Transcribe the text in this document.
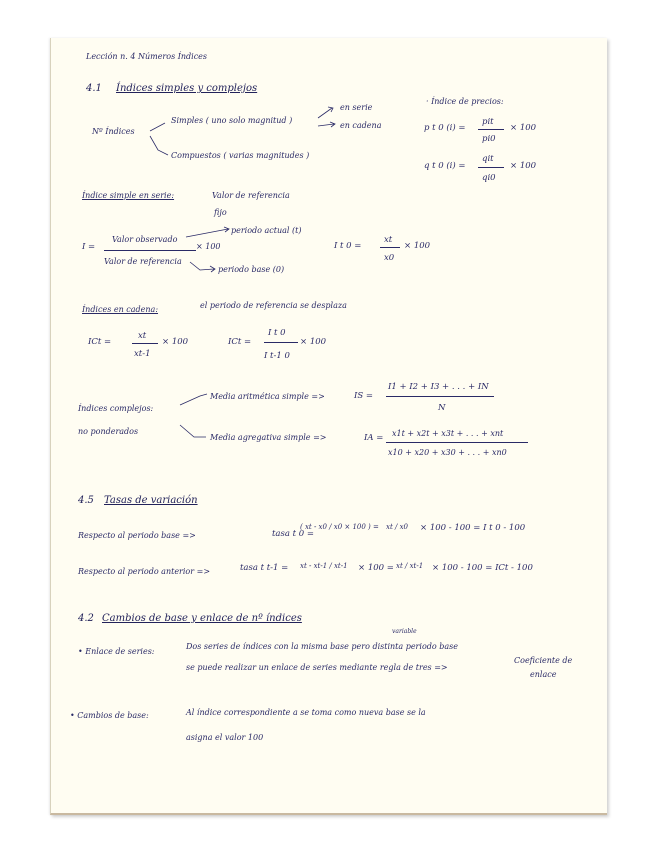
Lección n. 4 Números Índices
4.1 Índices simples y complejos
Nº Índices
Simples ( uno solo magnitud )
en serie
en cadena
Compuestos ( varias magnitudes )
· Índice de precios:
p t 0 (i) =
pit
pi0
× 100
q t 0 (i) =
qit
qi0
× 100
Índice simple en serie:	Valor de referencia
fijo
I =
Valor observado
Valor de referencia
× 100
periodo actual (t)
periodo base (0)
I t 0 =
xt
x0
× 100
Índices en cadena:	el periodo de referencia se desplaza
ICt =
xt
xt-1
× 100	ICt =
I t 0
I t-1 0
× 100
Índices complejos:
no ponderados
Media aritmética simple =>	IS =
I1 + I2 + I3 + . . . + IN
N
Media agregativa simple =>	IA = x1t + x2t + x3t + . . . + xnt
x10 + x20 + x30 + . . . + xn0
4.5 Tasas de variación
Respecto al periodo base =>	tasa t 0 =
( xt - x0 / x0 × 100 ) = xt / x0 × 100 - 100 = I t 0 - 100
Respecto al periodo anterior =>	tasa t t-1 = xt - xt-1 / xt-1 × 100 = xt / xt-1 × 100 - 100 = ICt - 100
4.2 Cambios de base y enlace de nº índices
variable
• Enlace de series:
Dos series de índices con la misma base pero distinta periodo base
se puede realizar un enlace de series mediante regla de tres =>
Coeficiente de
enlace
• Cambios de base:	Al índice correspondiente a se toma como nueva base se la
asigna el valor 100
